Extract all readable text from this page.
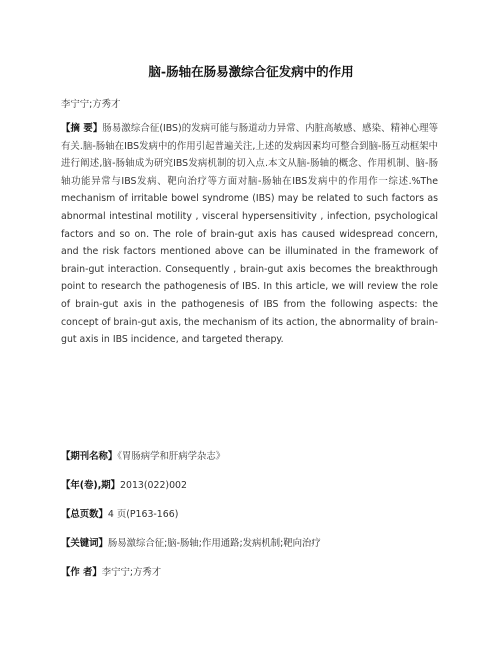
脑-肠轴在肠易激综合征发病中的作用
李宁宁;方秀才

【摘 要】肠易激综合征(IBS)的发病可能与肠道动力异常、内脏高敏感、感染、精神心理等有关.脑-肠轴在IBS发病中的作用引起普遍关注,上述的发病因素均可整合到脑-肠互动框架中进行阐述,脑-肠轴成为研究IBS发病机制的切入点.本文从脑-肠轴的概念、作用机制、脑-肠轴功能异常与IBS发病、靶向治疗等方面对脑-肠轴在IBS发病中的作用作一综述.%The mechanism of irritable bowel syndrome (IBS) may be related to such factors as abnormal intestinal motility , visceral hypersensitivity , infection, psychological factors and so on. The role of brain-gut axis has caused widespread concern, and the risk factors mentioned above can be illuminated in the framework of brain-gut interaction. Consequently , brain-gut axis becomes the breakthrough point to research the pathogenesis of IBS. In this article, we will review the role of brain-gut axis in the pathogenesis of IBS from the following aspects: the concept of brain-gut axis, the mechanism of its action, the abnormality of brain-gut axis in IBS incidence, and targeted therapy.

【期刊名称】《胃肠病学和肝病学杂志》
【年(卷),期】2013(022)002
【总页数】4 页(P163-166)
【关键词】肠易激综合征;脑-肠轴;作用通路;发病机制;靶向治疗
【作 者】李宁宁;方秀才
